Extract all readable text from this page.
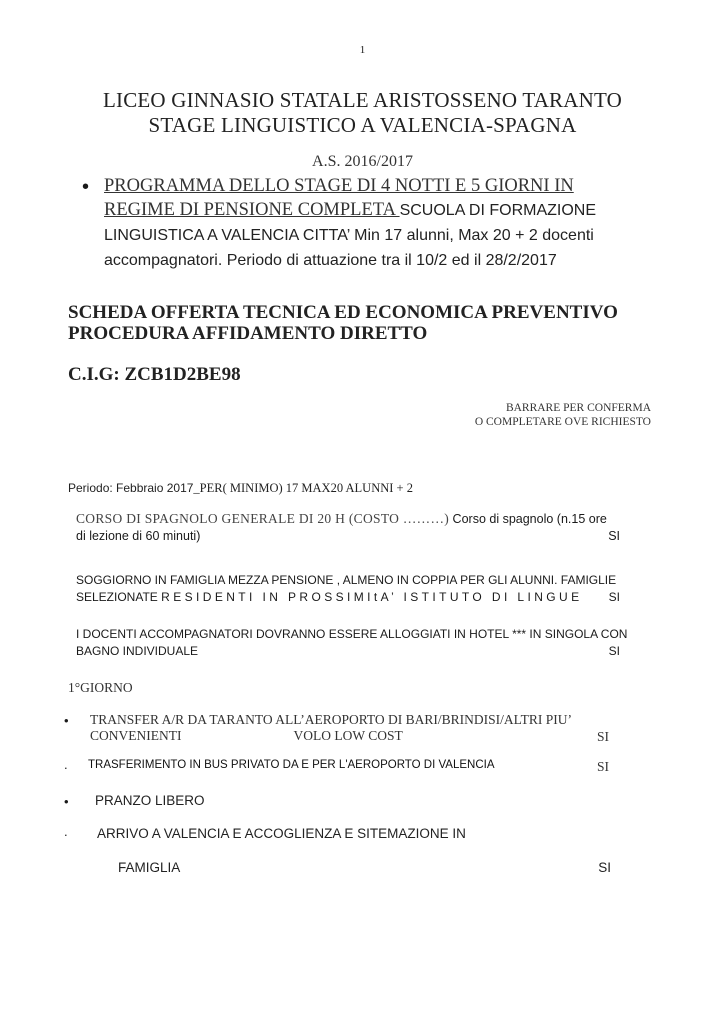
1
LICEO GINNASIO STATALE ARISTOSSENO TARANTO
STAGE LINGUISTICO A VALENCIA-SPAGNA
A.S. 2016/2017
• PROGRAMMA DELLO STAGE DI 4 NOTTI E 5 GIORNI IN REGIME DI PENSIONE COMPLETA SCUOLA DI FORMAZIONE LINGUISTICA A VALENCIA CITTA’ Min 17 alunni, Max 20 + 2 docenti accompagnatori. Periodo di attuazione tra il 10/2 ed il 28/2/2017
SCHEDA OFFERTA TECNICA ED ECONOMICA PREVENTIVO
PROCEDURA AFFIDAMENTO DIRETTO
C.I.G: ZCB1D2BE98
BARRARE PER CONFERMA
O COMPLETARE OVE RICHIESTO
Periodo: Febbraio 2017_PER( MINIMO) 17 MAX20 ALUNNI + 2
CORSO DI SPAGNOLO GENERALE DI 20 H (COSTO ………) Corso di spagnolo (n.15 ore
di lezione di 60 minuti)	SI
SOGGIORNO IN FAMIGLIA MEZZA PENSIONE , ALMENO IN COPPIA PER GLI ALUNNI. FAMIGLIE
SELEZIONATE RESIDENTI IN PROSSIMItA’ ISTITUTO DI LINGUE	SI
I DOCENTI ACCOMPAGNATORI DOVRANNO ESSERE ALLOGGIATI IN HOTEL *** IN SINGOLA CON
BAGNO INDIVIDUALE	SI
1°GIORNO
• TRANSFER A/R DA TARANTO ALL’AEROPORTO DI BARI/BRINDISI/ALTRI PIU’
CONVENIENTI	VOLO LOW COST	SI
. TRASFERIMENTO IN BUS PRIVATO DA E PER L'AEROPORTO DI VALENCIA	SI
• PRANZO LIBERO
. ARRIVO A VALENCIA E ACCOGLIENZA E SITEMAZIONE IN
FAMIGLIA	SI
